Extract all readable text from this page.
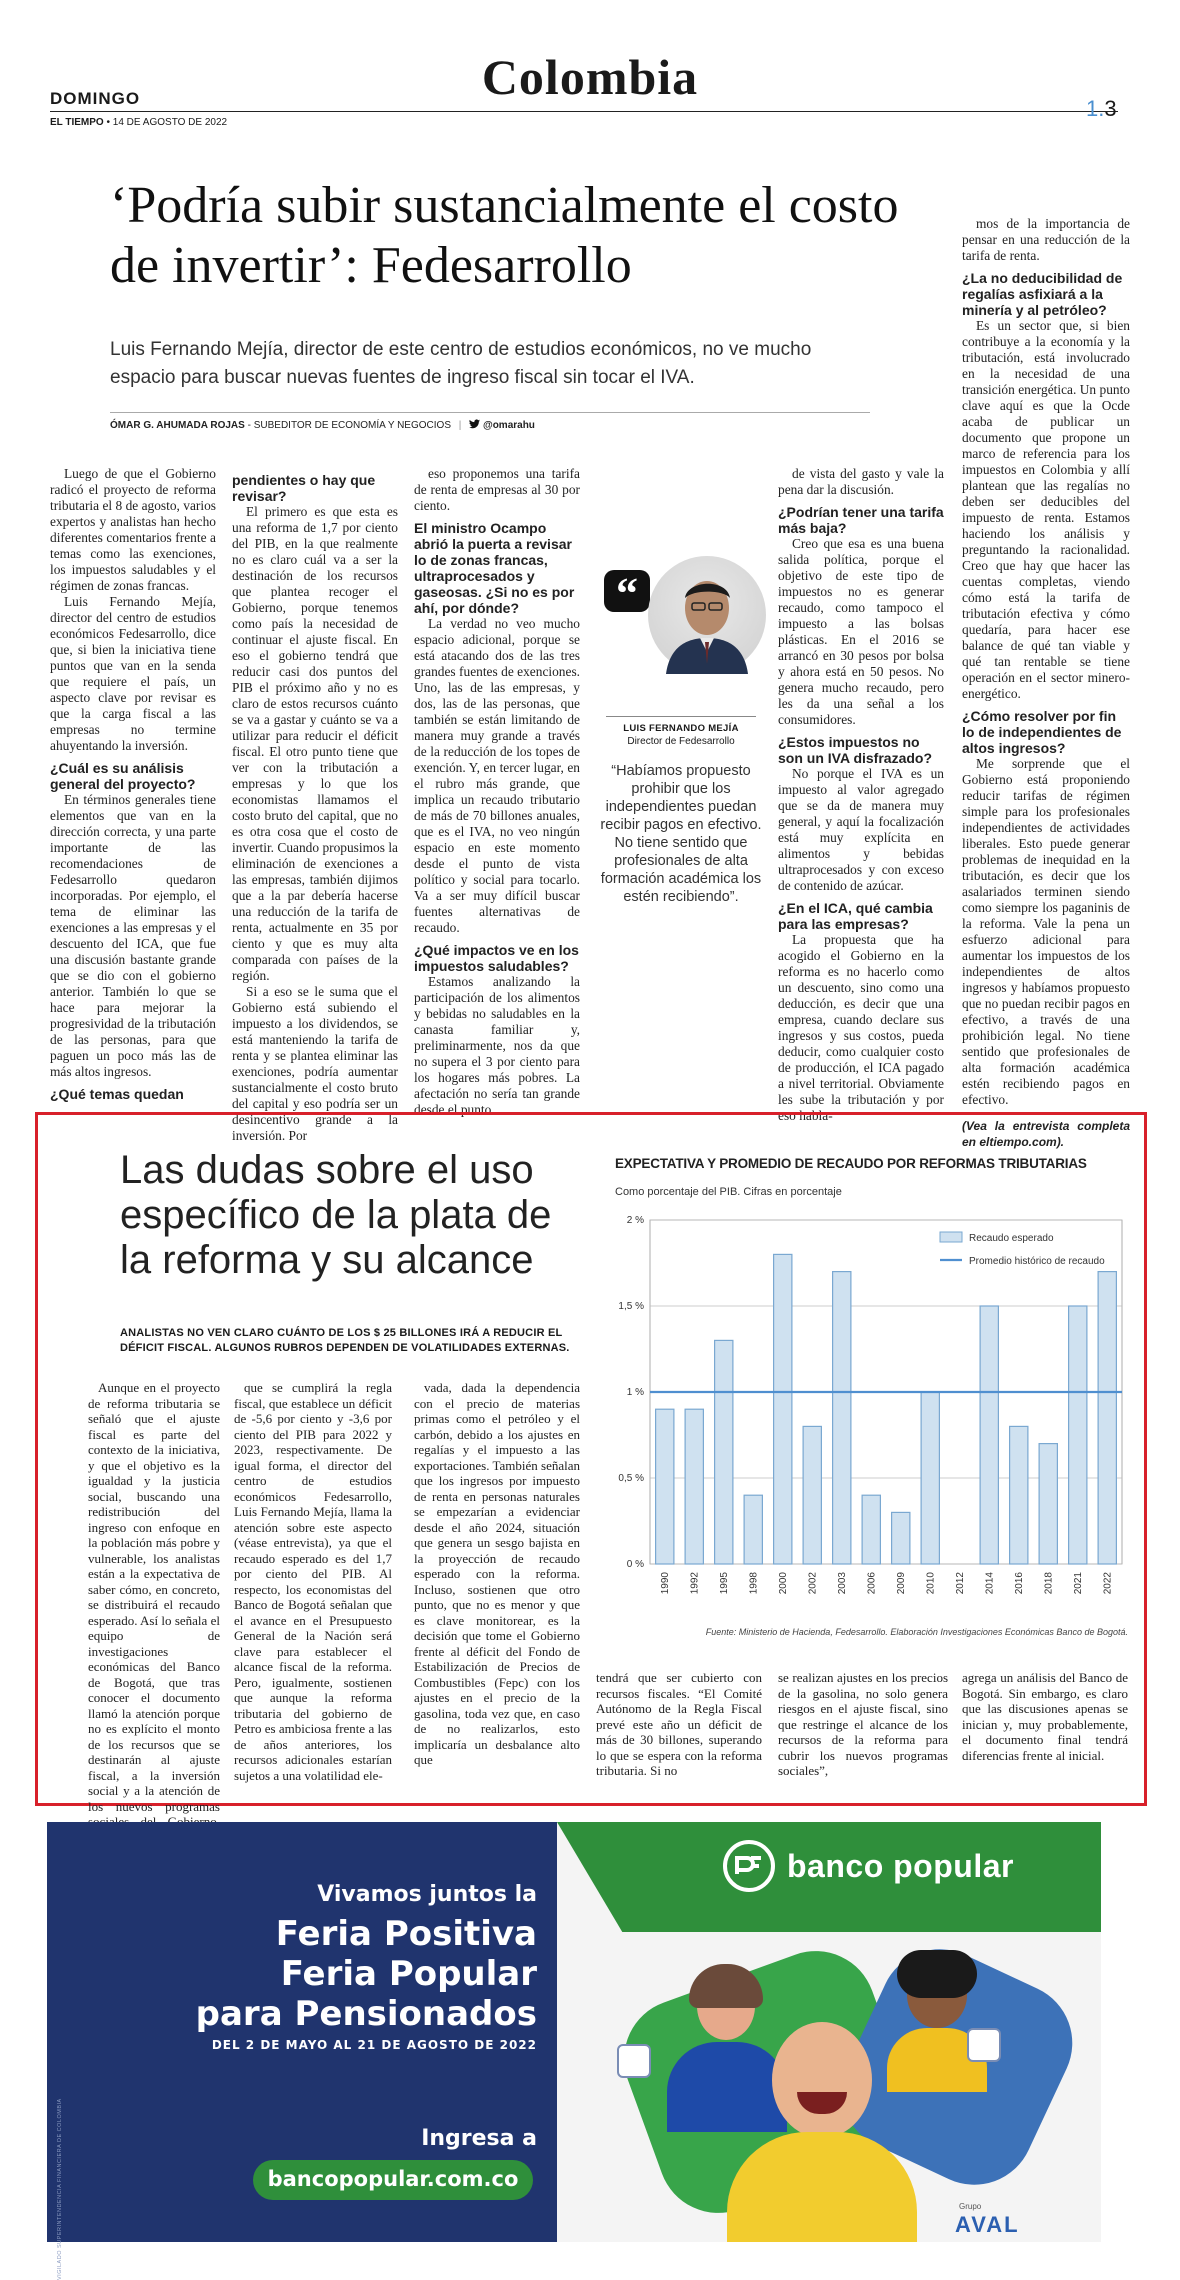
Colombia
DOMINGO
EL TIEMPO • 14 DE AGOSTO DE 2022
1.3
‘Podría subir sustancialmente el costo de invertir’: Fedesarrollo
Luis Fernando Mejía, director de este centro de estudios económicos, no ve mucho espacio para buscar nuevas fuentes de ingreso fiscal sin tocar el IVA.
ÓMAR G. AHUMADA ROJAS - SUBEDITOR DE ECONOMÍA Y NEGOCIOS | @omarahu

Luego de que el Gobierno radicó el proyecto de reforma tributaria el 8 de agosto, varios expertos y analistas han hecho diferentes comentarios frente a temas como las exenciones, los impuestos saludables y el régimen de zonas francas.

Luis Fernando Mejía, director del centro de estudios económicos Fedesarrollo, dice que, si bien la iniciativa tiene puntos que van en la senda que requiere el país, un aspecto clave por revisar es que la carga fiscal a las empresas no termine ahuyentando la inversión.

¿Cuál es su análisis general del proyecto?

En términos generales tiene elementos que van en la dirección correcta, y una parte importante de las recomendaciones de Fedesarrollo quedaron incorporadas. Por ejemplo, el tema de eliminar las exenciones a las empresas y el descuento del ICA, que fue una discusión bastante grande que se dio con el gobierno anterior. También lo que se hace para mejorar la progresividad de la tributación de las personas, para que paguen un poco más las de más altos ingresos.

¿Qué temas quedan
pendientes o hay que revisar?

El primero es que esta es una reforma de 1,7 por ciento del PIB, en la que realmente no es claro cuál va a ser la destinación de los recursos que plantea recoger el Gobierno, porque tenemos como país la necesidad de continuar el ajuste fiscal. En eso el gobierno tendrá que reducir casi dos puntos del PIB el próximo año y no es claro de estos recursos cuánto se va a gastar y cuánto se va a utilizar para reducir el déficit fiscal. El otro punto tiene que ver con la tributación a empresas y lo que los economistas llamamos el costo bruto del capital, que no es otra cosa que el costo de invertir. Cuando propusimos la eliminación de exenciones a las empresas, también dijimos que a la par debería hacerse una reducción de la tarifa de renta, actualmente en 35 por ciento y que es muy alta comparada con países de la región.

Si a eso se le suma que el Gobierno está subiendo el impuesto a los dividendos, se está manteniendo la tarifa de renta y se plantea eliminar las exenciones, podría aumentar sustancialmente el costo bruto del capital y eso podría ser un desincentivo grande a la inversión. Por

eso proponemos una tarifa de renta de empresas al 30 por ciento.

El ministro Ocampo abrió la puerta a revisar lo de zonas francas, ultraprocesados y gaseosas. ¿Si no es por ahí, por dónde?

La verdad no veo mucho espacio adicional, porque se está atacando dos de las tres grandes fuentes de exenciones. Uno, las de las empresas, y dos, las de las personas, que también se están limitando de manera muy grande a través de la reducción de los topes de exención. Y, en tercer lugar, en el rubro más grande, que implica un recaudo tributario de más de 70 billones anuales, que es el IVA, no veo ningún espacio en este momento desde el punto de vista político y social para tocarlo. Va a ser muy difícil buscar fuentes alternativas de recaudo.

¿Qué impactos ve en los impuestos saludables?

Estamos analizando la participación de los alimentos y bebidas no saludables en la canasta familiar y, preliminarmente, nos da que no supera el 3 por ciento para los hogares más pobres. La afectación no sería tan grande desde el punto

“
LUIS FERNANDO MEJÍA
Director de Fedesarrollo
“Habíamos propuesto prohibir que los independientes puedan recibir pagos en efectivo. No tiene sentido que profesionales de alta formación académica los estén recibiendo”.

de vista del gasto y vale la pena dar la discusión.

¿Podrían tener una tarifa más baja?

Creo que esa es una buena salida política, porque el objetivo de este tipo de impuestos no es generar recaudo, como tampoco el impuesto a las bolsas plásticas. En el 2016 se arrancó en 30 pesos por bolsa y ahora está en 50 pesos. No genera mucho recaudo, pero les da una señal a los consumidores.

¿Estos impuestos no son un IVA disfrazado?

No porque el IVA es un impuesto al valor agregado que se da de manera muy general, y aquí la focalización está muy explícita en alimentos y bebidas ultraprocesados y con exceso de contenido de azúcar.

¿En el ICA, qué cambia para las empresas?

La propuesta que ha acogido el Gobierno en la reforma es no hacerlo como un descuento, sino como una deducción, es decir que una empresa, cuando declare sus ingresos y sus costos, pueda deducir, como cualquier costo de producción, el ICA pagado a nivel territorial. Obviamente les sube la tributación y por eso habla-

mos de la importancia de pensar en una reducción de la tarifa de renta.

¿La no deducibilidad de regalías asfixiará a la minería y al petróleo?

Es un sector que, si bien contribuye a la economía y la tributación, está involucrado en la necesidad de una transición energética. Un punto clave aquí es que la Ocde acaba de publicar un documento que propone un marco de referencia para los impuestos en Colombia y allí plantean que las regalías no deben ser deducibles del impuesto de renta. Estamos haciendo los análisis y preguntando la racionalidad. Creo que hay que hacer las cuentas completas, viendo cómo está la tarifa de tributación efectiva y cómo quedaría, para hacer ese balance de qué tan viable y qué tan rentable se tiene operación en el sector minero-energético.

¿Cómo resolver por fin lo de independientes de altos ingresos?

Me sorprende que el Gobierno está proponiendo reducir tarifas de régimen simple para los profesionales independientes de actividades liberales. Esto puede generar problemas de inequidad en la tributación, es decir que los asalariados terminen siendo como siempre los paganinis de la reforma. Vale la pena un esfuerzo adicional para aumentar los impuestos de los independientes de altos ingresos y habíamos propuesto que no puedan recibir pagos en efectivo, a través de una prohibición legal. No tiene sentido que profesionales de alta formación académica estén recibiendo pagos en efectivo.

(Vea la entrevista completa en eltiempo.com).

Las dudas sobre el uso específico de la plata de la reforma y su alcance
ANALISTAS NO VEN CLARO CUÁNTO DE LOS $ 25 BILLONES IRÁ A REDUCIR EL DÉFICIT FISCAL. ALGUNOS RUBROS DEPENDEN DE VOLATILIDADES EXTERNAS.
Aunque en el proyecto de reforma tributaria se señaló que el ajuste fiscal es parte del contexto de la iniciativa, y que el objetivo es la igualdad y la justicia social, buscando una redistribución del ingreso con enfoque en la población más pobre y vulnerable, los analistas están a la expectativa de saber cómo, en concreto, se distribuirá el recaudo esperado. Así lo señala el equipo de investigaciones económicas del Banco de Bogotá, que tras conocer el documento llamó la atención porque no es explícito el monto de los recursos que se destinarán al ajuste fiscal, a la inversión social y a la atención de los nuevos programas
que se cumplirá la regla fiscal, que establece un déficit de -5,6 por ciento y -3,6 por ciento del PIB para 2022 y 2023, respectivamente. De igual forma, el director del centro de estudios económicos Fedesarrollo, Luis Fernando Mejía, llama la atención sobre este aspecto (véase entrevista), ya que el recaudo esperado es del 1,7 por ciento del PIB. Al respecto, los economistas del Banco de Bogotá señalan que el avance en el Presupuesto General de la Nación será clave para establecer el alcance fiscal de la reforma. Pero, igualmente, sostienen que aunque la reforma tributaria del gobierno de Petro es ambiciosa frente a las de años anteriores, los recursos adicionales estarían sujetos a una volatilidad ele-
vada, dada la dependencia con el precio de materias primas como el petróleo y el carbón, debido a los ajustes en regalías y el impuesto a las exportaciones. También señalan que los ingresos por impuesto de renta en personas naturales se empezarían a evidenciar desde el año 2024, situación que genera un sesgo bajista en la proyección de recaudo esperado con la reforma. Incluso, sostienen que otro punto, que no es menor y que es clave monitorear, es la decisión que tome el Gobierno frente al déficit del Fondo de Estabilización de Precios de Combustibles (Fepc) con los ajustes en el precio de la gasolina, toda vez que, en caso de no realizarlos, esto implicaría un desbalance alto que
tendrá que ser cubierto con recursos fiscales. “El Comité Autónomo de la Regla Fiscal prevé este año un déficit de más de 30 billones, superando lo que se espera con la reforma tributaria. Si no
se realizan ajustes en los precios de la gasolina, no solo genera riesgos en el ajuste fiscal, sino que restringe el alcance de los recursos de la reforma para cubrir los nuevos programas sociales”,
agrega un análisis del Banco de Bogotá. Sin embargo, es claro que las discusiones apenas se inician y, muy probablemente, el documento final tendrá diferencias frente al inicial.
EXPECTATIVA Y PROMEDIO DE RECAUDO POR REFORMAS TRIBUTARIAS
Como porcentaje del PIB. Cifras en porcentaje
0 %
0,5 %
1 %
1,5 %
2 %
1990 1992 1995 1998 2000 2002 2003 2006 2009 2010 2012 2014 2016 2018 2021 2022
Recaudo esperado
Promedio histórico de recaudo
Fuente: Ministerio de Hacienda, Fedesarrollo. Elaboración Investigaciones Económicas Banco de Bogotá.
banco popular
Vivamos juntos la
Feria Positiva
Feria Popular
para Pensionados
DEL 2 DE MAYO AL 21 DE AGOSTO DE 2022
Ingresa a
bancopopular.com.co
VIGILADO SUPERINTENDENCIA FINANCIERA DE COLOMBIA	Grupo
AVAL
